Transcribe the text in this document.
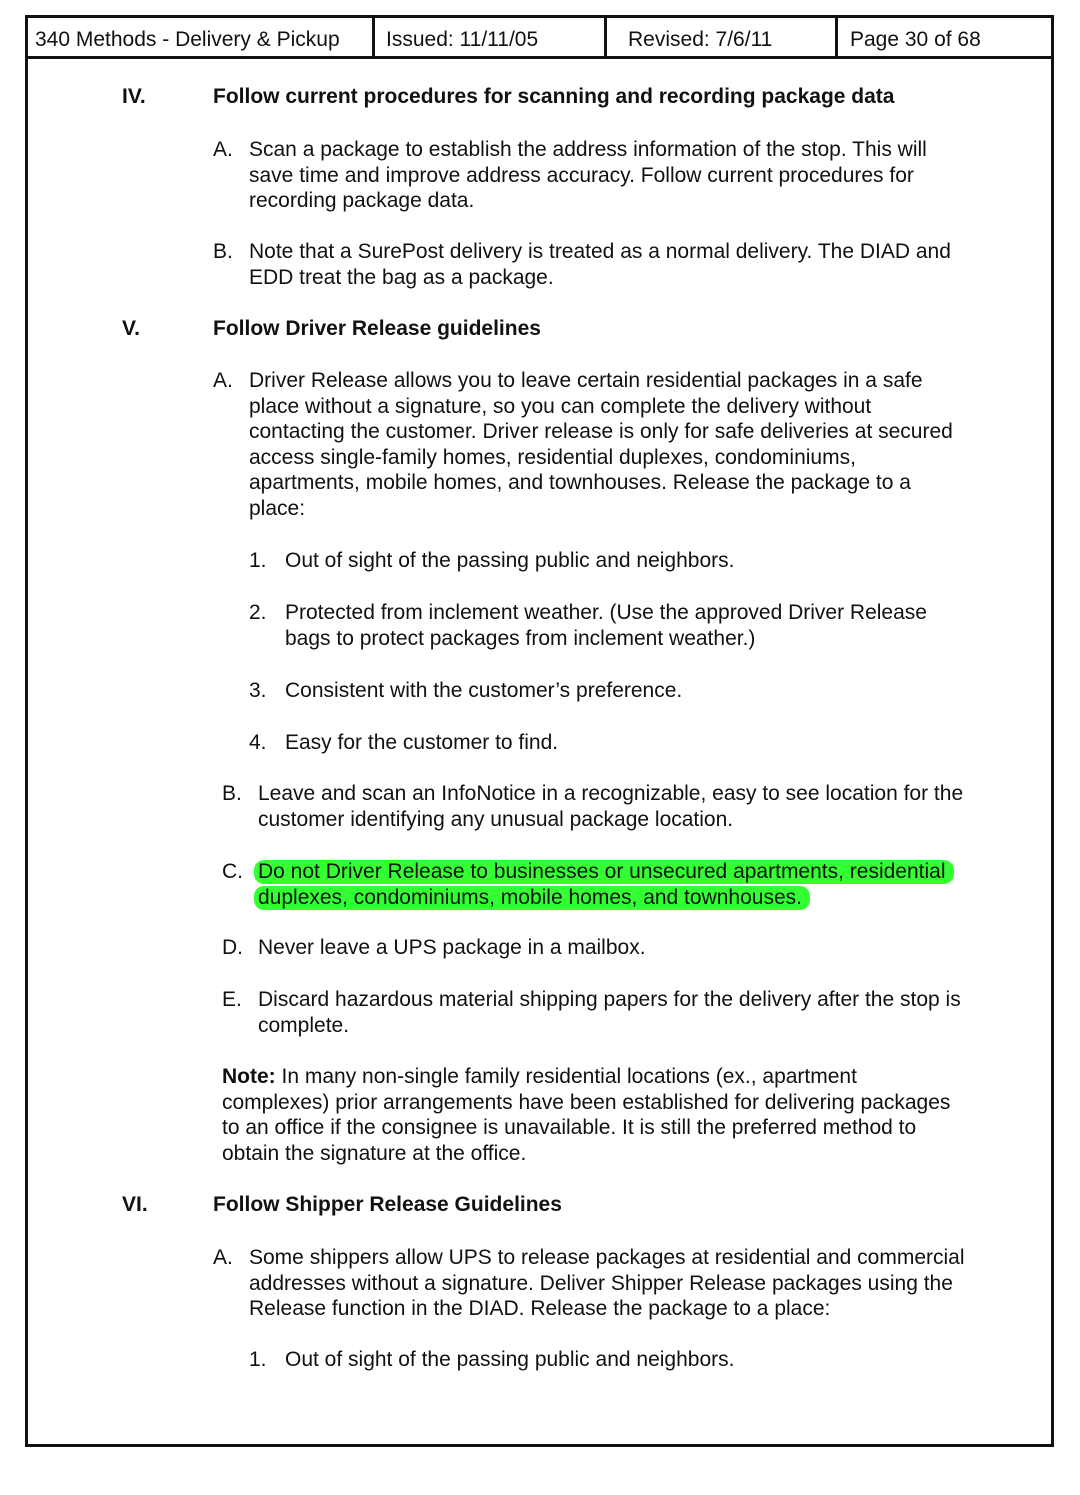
340 Methods - Delivery & Pickup	Issued: 11/11/05	Revised: 7/6/11	Page 30 of 68
IV.	Follow current procedures for scanning and recording package data
A. Scan a package to establish the address information of the stop. This will
save time and improve address accuracy. Follow current procedures for
recording package data.
B. Note that a SurePost delivery is treated as a normal delivery. The DIAD and
EDD treat the bag as a package.
V.	Follow Driver Release guidelines
A. Driver Release allows you to leave certain residential packages in a safe
place without a signature, so you can complete the delivery without
contacting the customer. Driver release is only for safe deliveries at secured
access single-family homes, residential duplexes, condominiums,
apartments, mobile homes, and townhouses. Release the package to a
place:
1. Out of sight of the passing public and neighbors.
2. Protected from inclement weather. (Use the approved Driver Release
bags to protect packages from inclement weather.)
3. Consistent with the customer’s preference.
4. Easy for the customer to find.
B. Leave and scan an InfoNotice in a recognizable, easy to see location for the
customer identifying any unusual package location.
C. Do not Driver Release to businesses or unsecured apartments, residential
duplexes, condominiums, mobile homes, and townhouses.
D. Never leave a UPS package in a mailbox.
E. Discard hazardous material shipping papers for the delivery after the stop is
complete.
Note: In many non-single family residential locations (ex., apartment
complexes) prior arrangements have been established for delivering packages
to an office if the consignee is unavailable. It is still the preferred method to
obtain the signature at the office.
VI.	Follow Shipper Release Guidelines
A. Some shippers allow UPS to release packages at residential and commercial
addresses without a signature. Deliver Shipper Release packages using the
Release function in the DIAD. Release the package to a place:
1. Out of sight of the passing public and neighbors.
